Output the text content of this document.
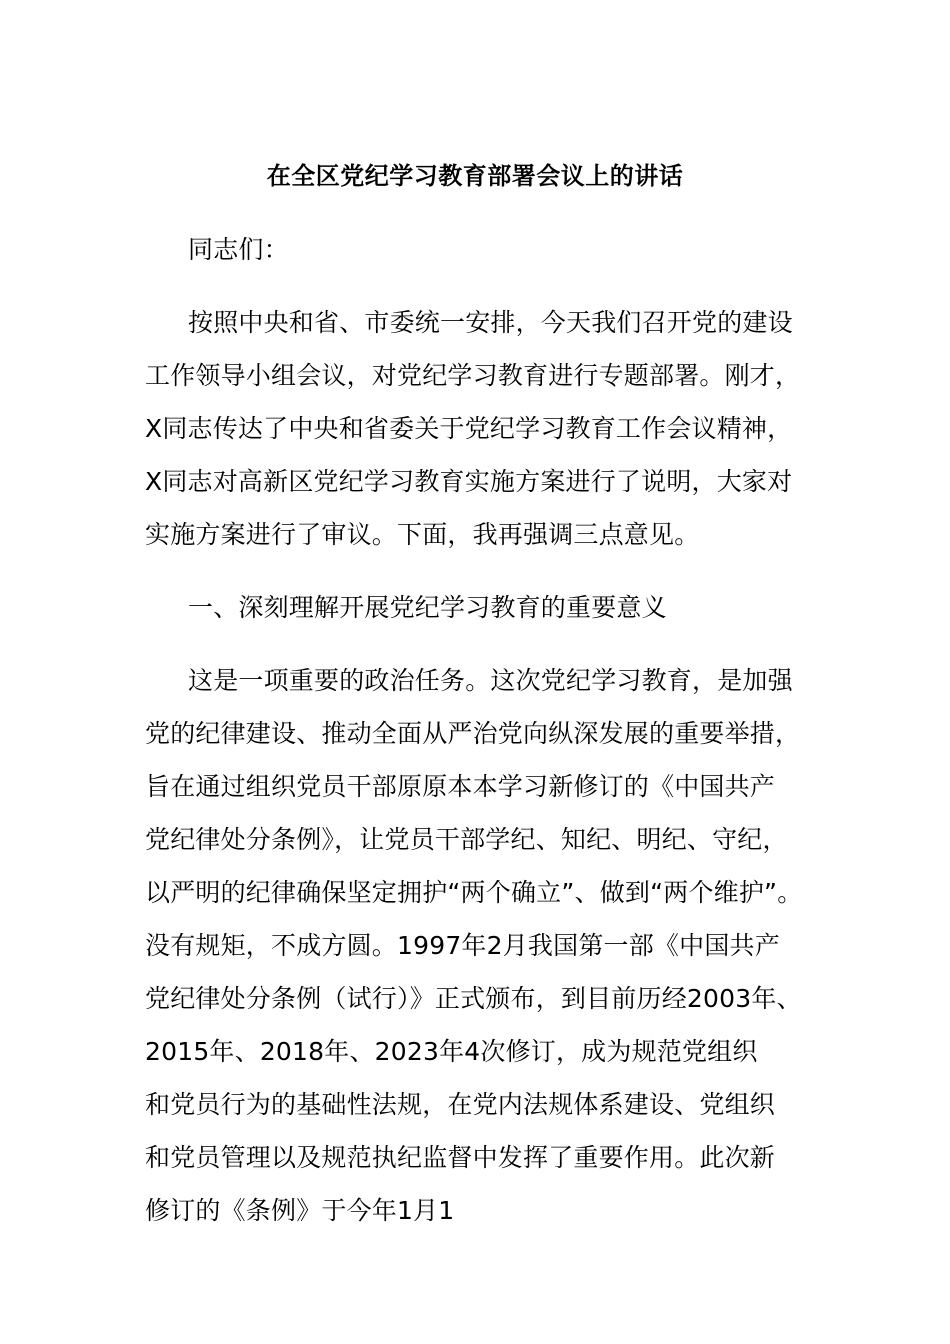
在全区党纪学习教育部署会议上的讲话
同志们：
按照中央和省、市委统一安排，今天我们召开党的建设
工作领导小组会议，对党纪学习教育进行专题部署。刚才，
X同志传达了中央和省委关于党纪学习教育工作会议精神，
X同志对高新区党纪学习教育实施方案进行了说明，大家对
实施方案进行了审议。下面，我再强调三点意见。
一、深刻理解开展党纪学习教育的重要意义
这是一项重要的政治任务。这次党纪学习教育，是加强
党的纪律建设、推动全面从严治党向纵深发展的重要举措，
旨在通过组织党员干部原原本本学习新修订的《中国共产
党纪律处分条例》，让党员干部学纪、知纪、明纪、守纪，
以严明的纪律确保坚定拥护“两个确立”、做到“两个维护”。
没有规矩，不成方圆。1997年2月我国第一部《中国共产
党纪律处分条例（试行）》正式颁布，到目前历经2003年、
2015年、2018年、2023年4次修订，成为规范党组织
和党员行为的基础性法规，在党内法规体系建设、党组织
和党员管理以及规范执纪监督中发挥了重要作用。此次新
修订的《条例》于今年1月1
